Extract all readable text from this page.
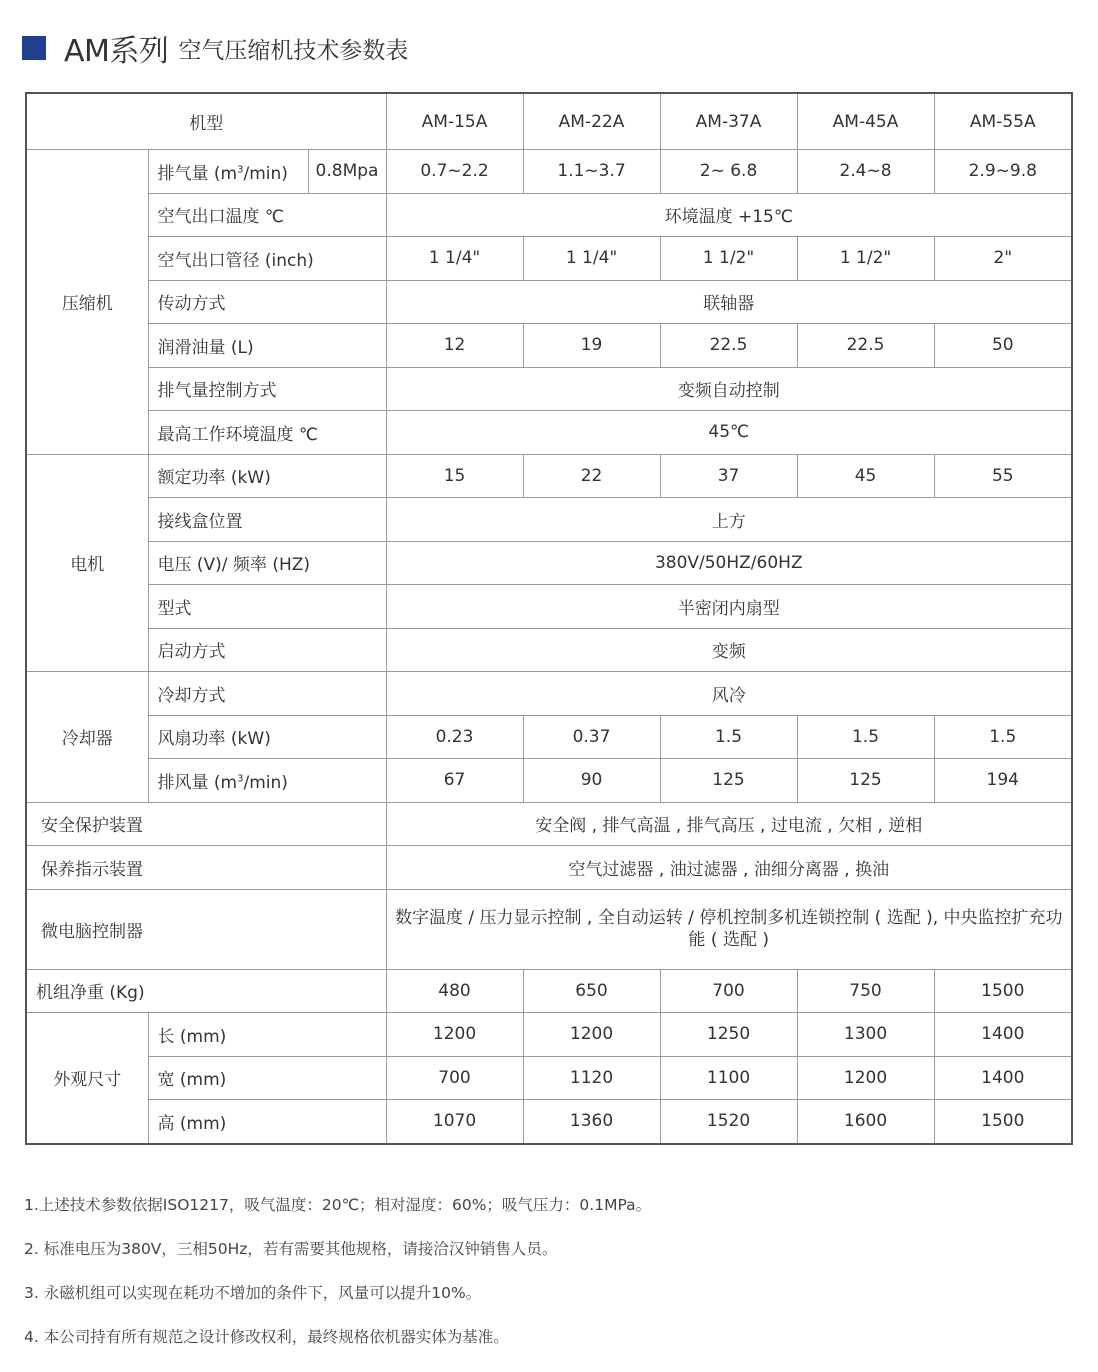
AM系列 空气压缩机技术参数表
机型			AM-15A	AM-22A	AM-37A	AM-45A	AM-55A
压缩机	排气量 $(m^3/\min)$	0.8Mpa	0.7~2.2	1.1~3.7	2~ 6.8	2.4~8	2.9~9.8
	空气出口温度 ℃		环境温度 +15℃				
	空气出口管径 (inch)		1 1/4"	1 1/4"	1 1/2"	1 1/2"	2"
	传动方式		联轴器				
	润滑油量 (L)		12	19	22.5	22.5	50
	排气量控制方式		变频自动控制				
	最高工作环境温度 ℃		45℃				
电机	额定功率 (kW)		15	22	37	45	55
	接线盒位置		上方				
	电压 (V)/ 频率 (HZ)		380V/50HZ/60HZ				
	型式		半密闭内扇型				
	启动方式		变频				
冷却器	冷却方式		风冷				
	风扇功率 (kW)		0.23	0.37	1.5	1.5	1.5
	排风量 $(m^3/\min)$		67	90	125	125	194
安全保护装置			安全阀 , 排气高温 , 排气高压 , 过电流 , 欠相 , 逆相				
保养指示装置			空气过滤器 , 油过滤器 , 油细分离器 , 换油				
微电脑控制器			数字温度 / 压力显示控制 , 全自动运转 / 停机控制多机连锁控制 ( 选配 ), 中央监控扩充功能 ( 选配 )				
机组净重 (Kg)			480	650	700	750	1500
外观尺寸	长 (mm)		1200	1200	1250	1300	1400
	宽 (mm)		700	1120	1100	1200	1400
	高 (mm)		1070	1360	1520	1600	1500

1.上述技术参数依据ISO1217，吸气温度：20℃；相对湿度：60%；吸气压力：0.1MPa。

2. 标准电压为380V，三相50Hz，若有需要其他规格，请接洽汉钟销售人员。

3. 永磁机组可以实现在耗功不增加的条件下，风量可以提升10%。

4. 本公司持有所有规范之设计修改权利，最终规格依机器实体为基准。
